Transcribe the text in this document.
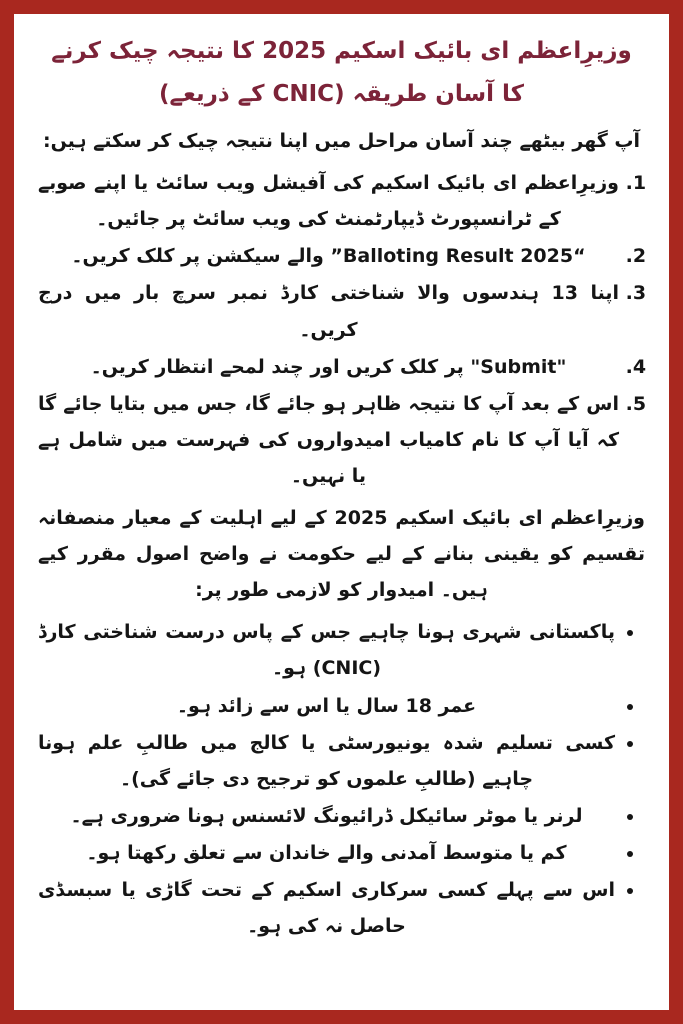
وزیرِاعظم ای بائیک اسکیم 2025 کا نتیجہ چیک کرنے کا آسان طریقہ (CNIC کے ذریعے)

آپ گھر بیٹھے چند آسان مراحل میں اپنا نتیجہ چیک کر سکتے ہیں:

1. وزیرِاعظم ای بائیک اسکیم کی آفیشل ویب سائٹ یا اپنے صوبے کے ٹرانسپورٹ ڈیپارٹمنٹ کی ویب سائٹ پر جائیں۔
2. “Balloting Result 2025” والے سیکشن پر کلک کریں۔
3. اپنا 13 ہندسوں والا شناختی کارڈ نمبر سرچ بار میں درج کریں۔
4. "Submit" پر کلک کریں اور چند لمحے انتظار کریں۔
5. اس کے بعد آپ کا نتیجہ ظاہر ہو جائے گا، جس میں بتایا جائے گا کہ آیا آپ کا نام کامیاب امیدواروں کی فہرست میں شامل ہے یا نہیں۔

وزیرِاعظم ای بائیک اسکیم 2025 کے لیے اہلیت کے معیار منصفانہ تقسیم کو یقینی بنانے کے لیے حکومت نے واضح اصول مقرر کیے ہیں۔ امیدوار کو لازمی طور پر:

• پاکستانی شہری ہونا چاہیے جس کے پاس درست شناختی کارڈ (CNIC) ہو۔
• عمر 18 سال یا اس سے زائد ہو۔
• کسی تسلیم شدہ یونیورسٹی یا کالج میں طالبِ علم ہونا چاہیے (طالبِ علموں کو ترجیح دی جائے گی)۔
• لرنر یا موٹر سائیکل ڈرائیونگ لائسنس ہونا ضروری ہے۔
• کم یا متوسط آمدنی والے خاندان سے تعلق رکھتا ہو۔
• اس سے پہلے کسی سرکاری اسکیم کے تحت گاڑی یا سبسڈی حاصل نہ کی ہو۔
